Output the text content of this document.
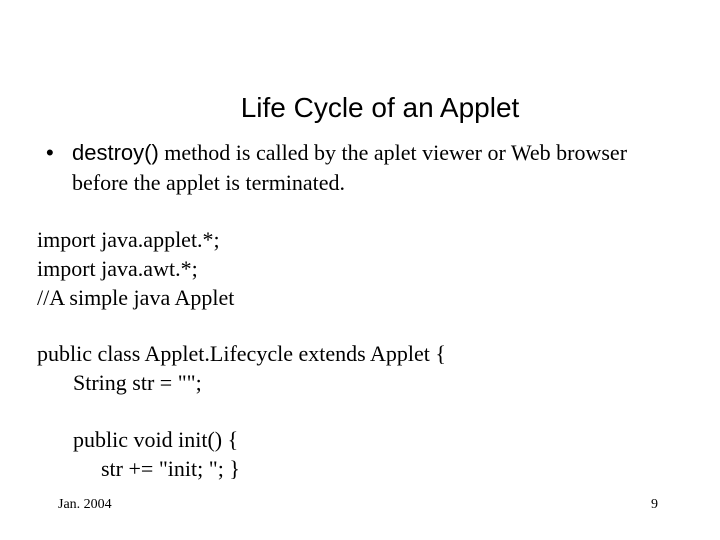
Life Cycle of an Applet
• destroy() method is called by the aplet viewer or Web browser
before the applet is terminated.
import java.applet.*;
import java.awt.*;
//A simple java Applet
public class Applet.Lifecycle extends Applet {
String str = "";
public void init() {
str += "init; "; }
Jan. 2004	9
